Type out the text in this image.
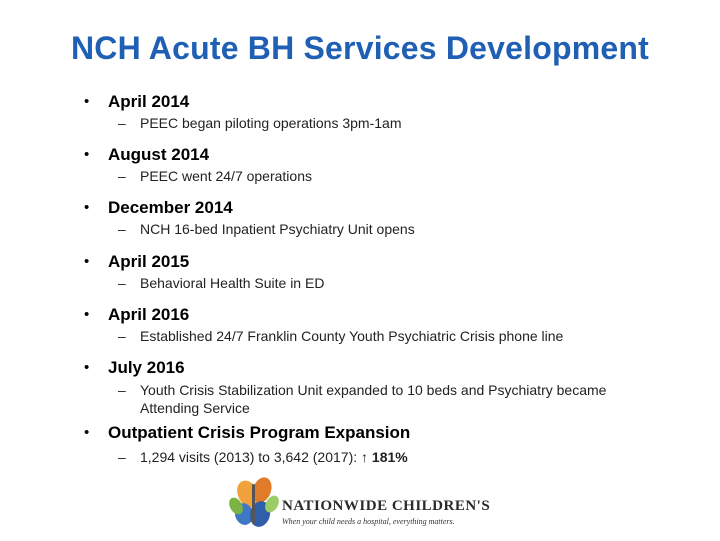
NCH Acute BH Services Development
• April 2014
– PEEC began piloting operations 3pm-1am
• August 2014
– PEEC went 24/7 operations
• December 2014
– NCH 16-bed Inpatient Psychiatry Unit opens
• April 2015
– Behavioral Health Suite in ED
• April 2016
– Established 24/7 Franklin County Youth Psychiatric Crisis phone line
• July 2016
– Youth Crisis Stabilization Unit expanded to 10 beds and Psychiatry became Attending Service
• Outpatient Crisis Program Expansion
– 1,294 visits (2013) to 3,642 (2017): ↑ 181%
NATIONWIDE CHILDREN'S
When your child needs a hospital, everything matters.
